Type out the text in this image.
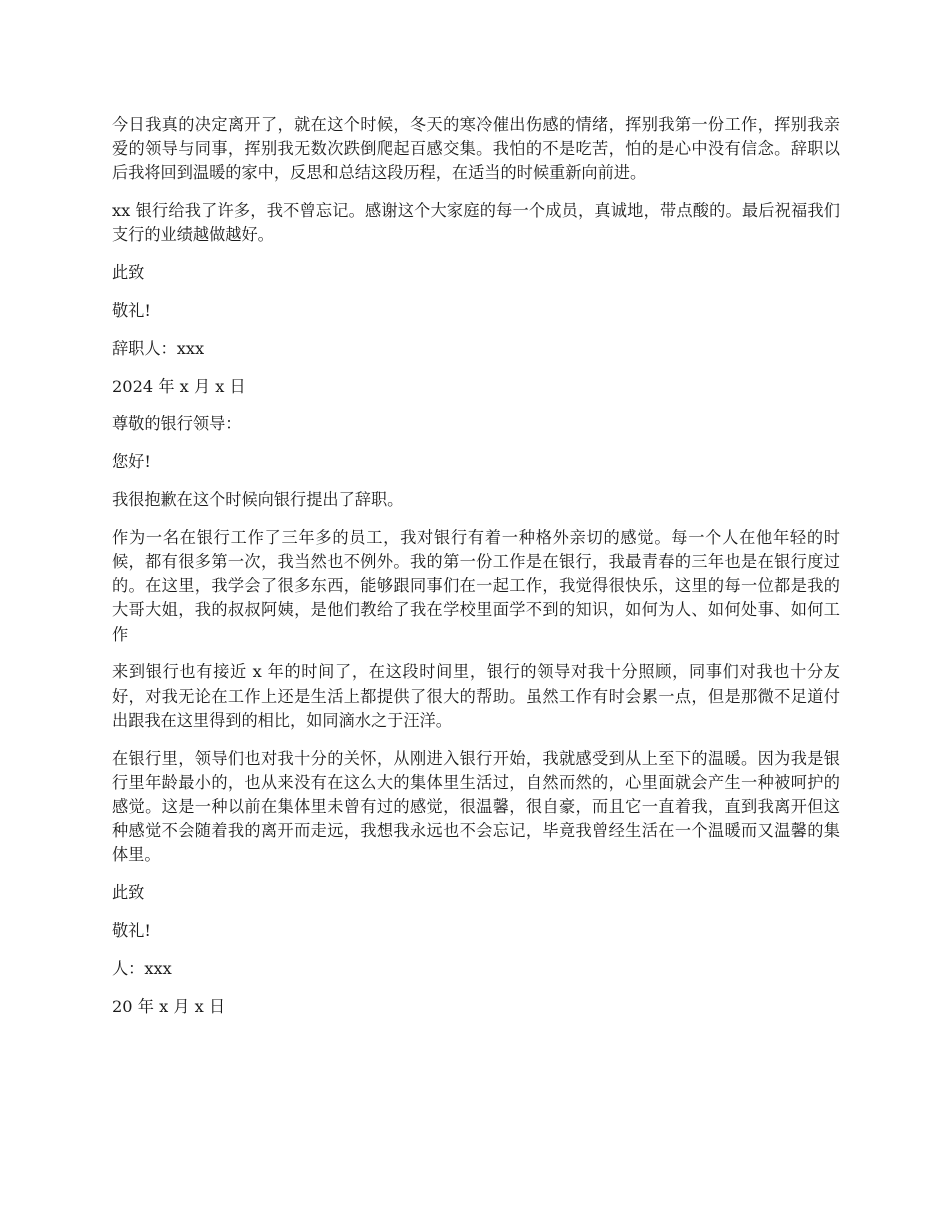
今日我真的决定离开了，就在这个时候，冬天的寒冷催出伤感的情绪，挥别我第一份工作，挥别我亲爱的领导与同事，挥别我无数次跌倒爬起百感交集。我怕的不是吃苦，怕的是心中没有信念。辞职以后我将回到温暖的家中，反思和总结这段历程，在适当的时候重新向前进。

xx 银行给我了许多，我不曾忘记。感谢这个大家庭的每一个成员，真诚地，带点酸的。最后祝福我们支行的业绩越做越好。

此致

敬礼!

辞职人：xxx

2024 年 x 月 x 日

尊敬的银行领导：

您好!

我很抱歉在这个时候向银行提出了辞职。

作为一名在银行工作了三年多的员工，我对银行有着一种格外亲切的感觉。每一个人在他年轻的时候，都有很多第一次，我当然也不例外。我的第一份工作是在银行，我最青春的三年也是在银行度过的。在这里，我学会了很多东西，能够跟同事们在一起工作，我觉得很快乐，这里的每一位都是我的大哥大姐，我的叔叔阿姨，是他们教给了我在学校里面学不到的知识，如何为人、如何处事、如何工作

来到银行也有接近 x 年的时间了，在这段时间里，银行的领导对我十分照顾，同事们对我也十分友好，对我无论在工作上还是生活上都提供了很大的帮助。虽然工作有时会累一点，但是那微不足道付出跟我在这里得到的相比，如同滴水之于汪洋。

在银行里，领导们也对我十分的关怀，从刚进入银行开始，我就感受到从上至下的温暖。因为我是银行里年龄最小的，也从来没有在这么大的集体里生活过，自然而然的，心里面就会产生一种被呵护的感觉。这是一种以前在集体里未曾有过的感觉，很温馨，很自豪，而且它一直着我，直到我离开但这种感觉不会随着我的离开而走远，我想我永远也不会忘记，毕竟我曾经生活在一个温暖而又温馨的集体里。

此致

敬礼!

人：xxx

20 年 x 月 x 日
